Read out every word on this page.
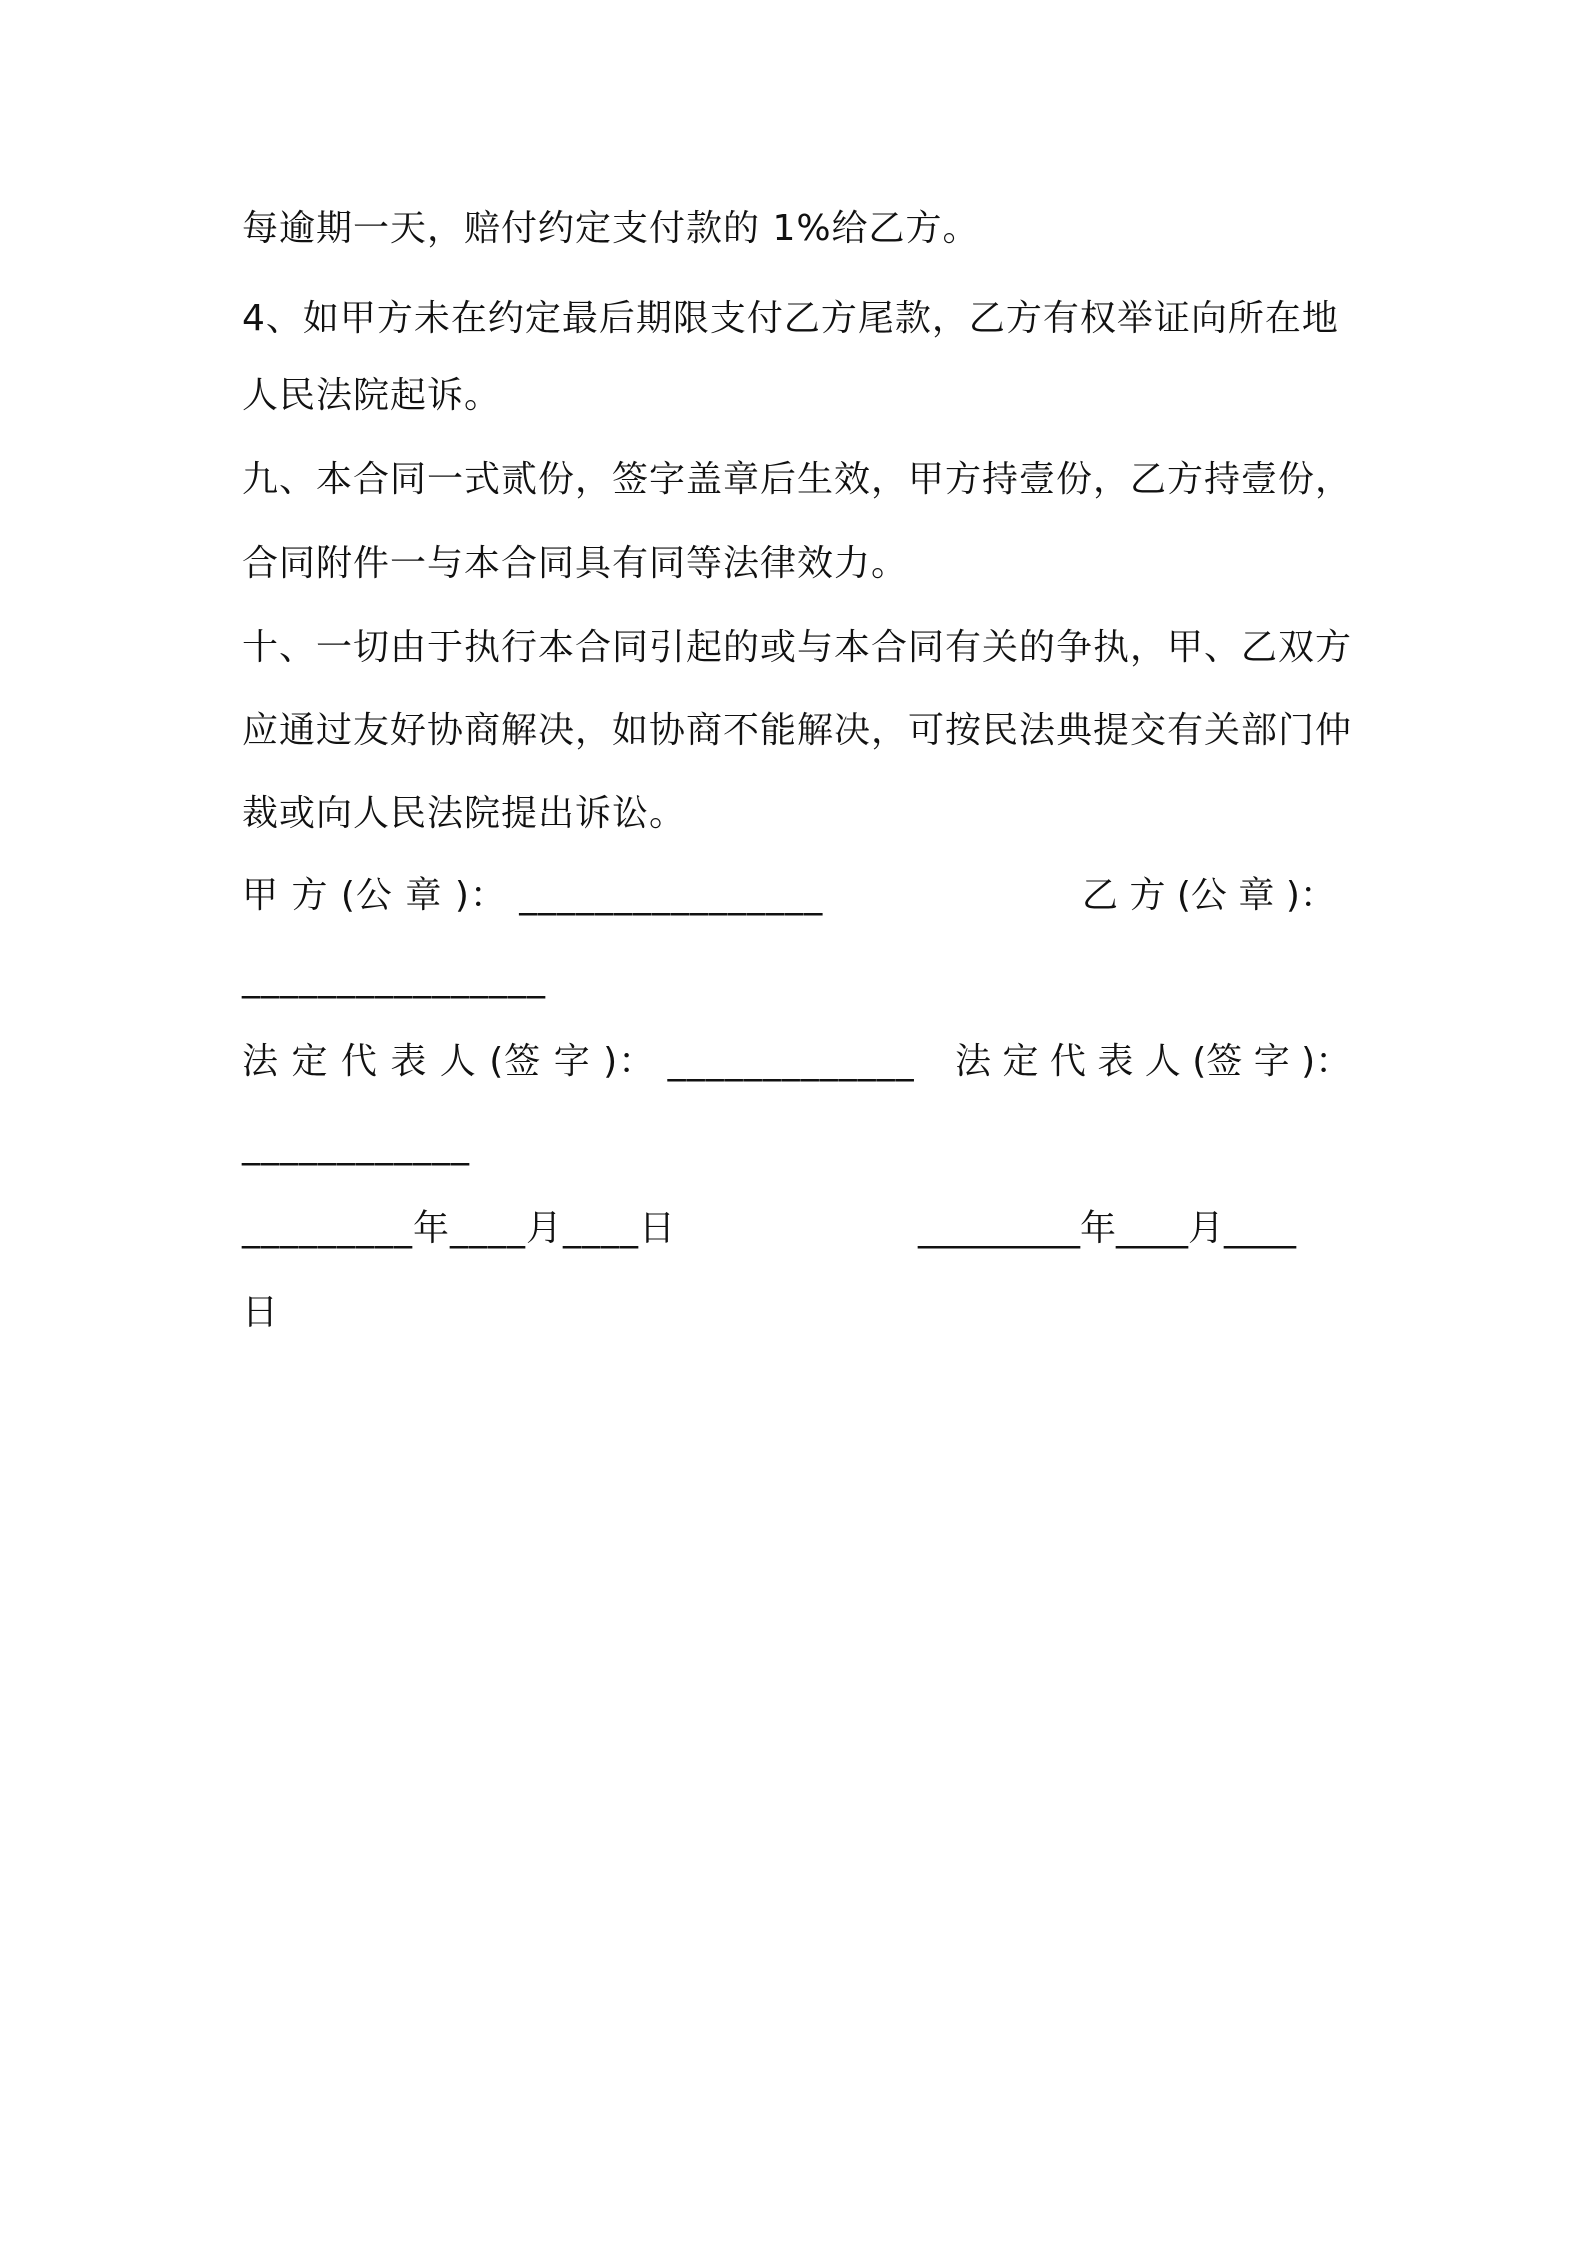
每逾期一天，赔付约定支付款的 1%给乙方。
4、如甲方未在约定最后期限支付乙方尾款，乙方有权举证向所在地
人民法院起诉。
九、本合同一式贰份，签字盖章后生效，甲方持壹份，乙方持壹份，
合同附件一与本合同具有同等法律效力。
十、一切由于执行本合同引起的或与本合同有关的争执，甲、乙双方
应通过友好协商解决，如协商不能解决，可按民法典提交有关部门仲
裁或向人民法院提出诉讼。
甲 方 (公 章 )： ________________	乙 方 (公 章 )：
________________
法 定 代 表 人 (签 字 )： _____________ 法 定 代 表 人 (签 字 )：
____________
_________年____月____日	_________年____月____
日
